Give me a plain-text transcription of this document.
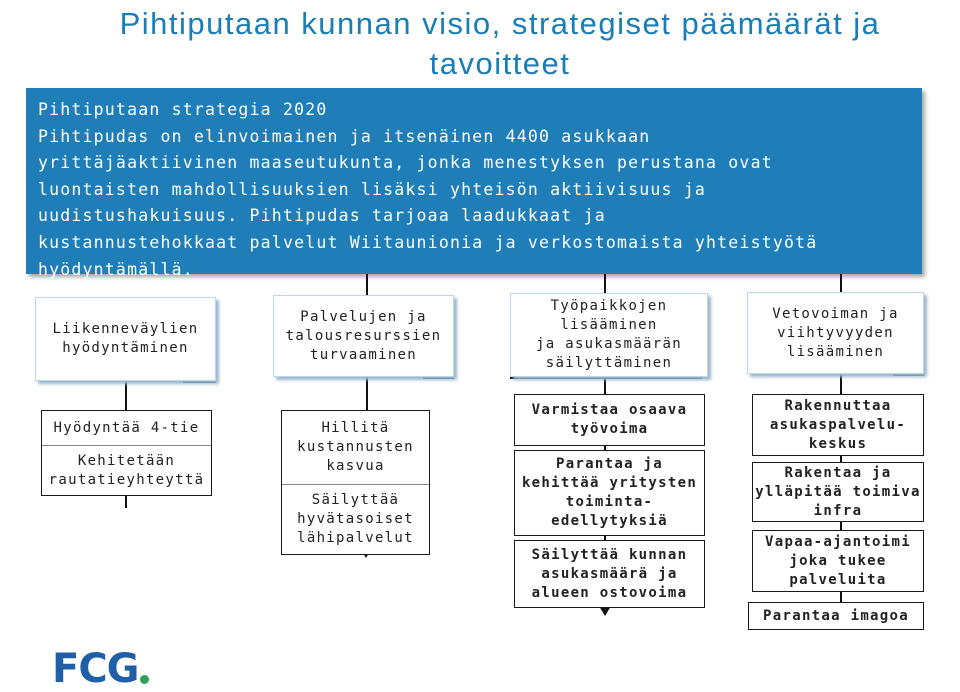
Pihtiputaan kunnan visio, strategiset päämäärät ja
tavoitteet
Pihtiputaan strategia 2020
Pihtipudas on elinvoimainen ja itsenäinen 4400 asukkaan
yrittäjäaktiivinen maaseutukunta, jonka menestyksen perustana ovat
luontaisten mahdollisuuksien lisäksi yhteisön aktiivisuus ja
uudistushakuisuus. Pihtipudas tarjoaa laadukkaat ja
kustannustehokkaat palvelut Wiitaunionia ja verkostomaista yhteistyötä
hyödyntämällä.
Liikenneväylien
hyödyntäminen
Palvelujen ja
talousresurssien
turvaaminen
Työpaikkojen
lisääminen
ja asukasmäärän
säilyttäminen
Vetovoiman ja
viihtyvyyden
lisääminen
Hyödyntää 4-tie
Kehitetään
rautatieyhteyttä
Hillitä
kustannusten
kasvua
Säilyttää
hyvätasoiset
lähipalvelut
Varmistaa osaava
työvoima
Parantaa ja
kehittää yritysten
toiminta-
edellytyksiä
Säilyttää kunnan
asukasmäärä ja
alueen ostovoima
Rakennuttaa
asukaspalvelu-
keskus
Rakentaa ja
ylläpitää toimiva
infra
Vapaa-ajantoimi
joka tukee
palveluita
Parantaa imagoa
FCG
